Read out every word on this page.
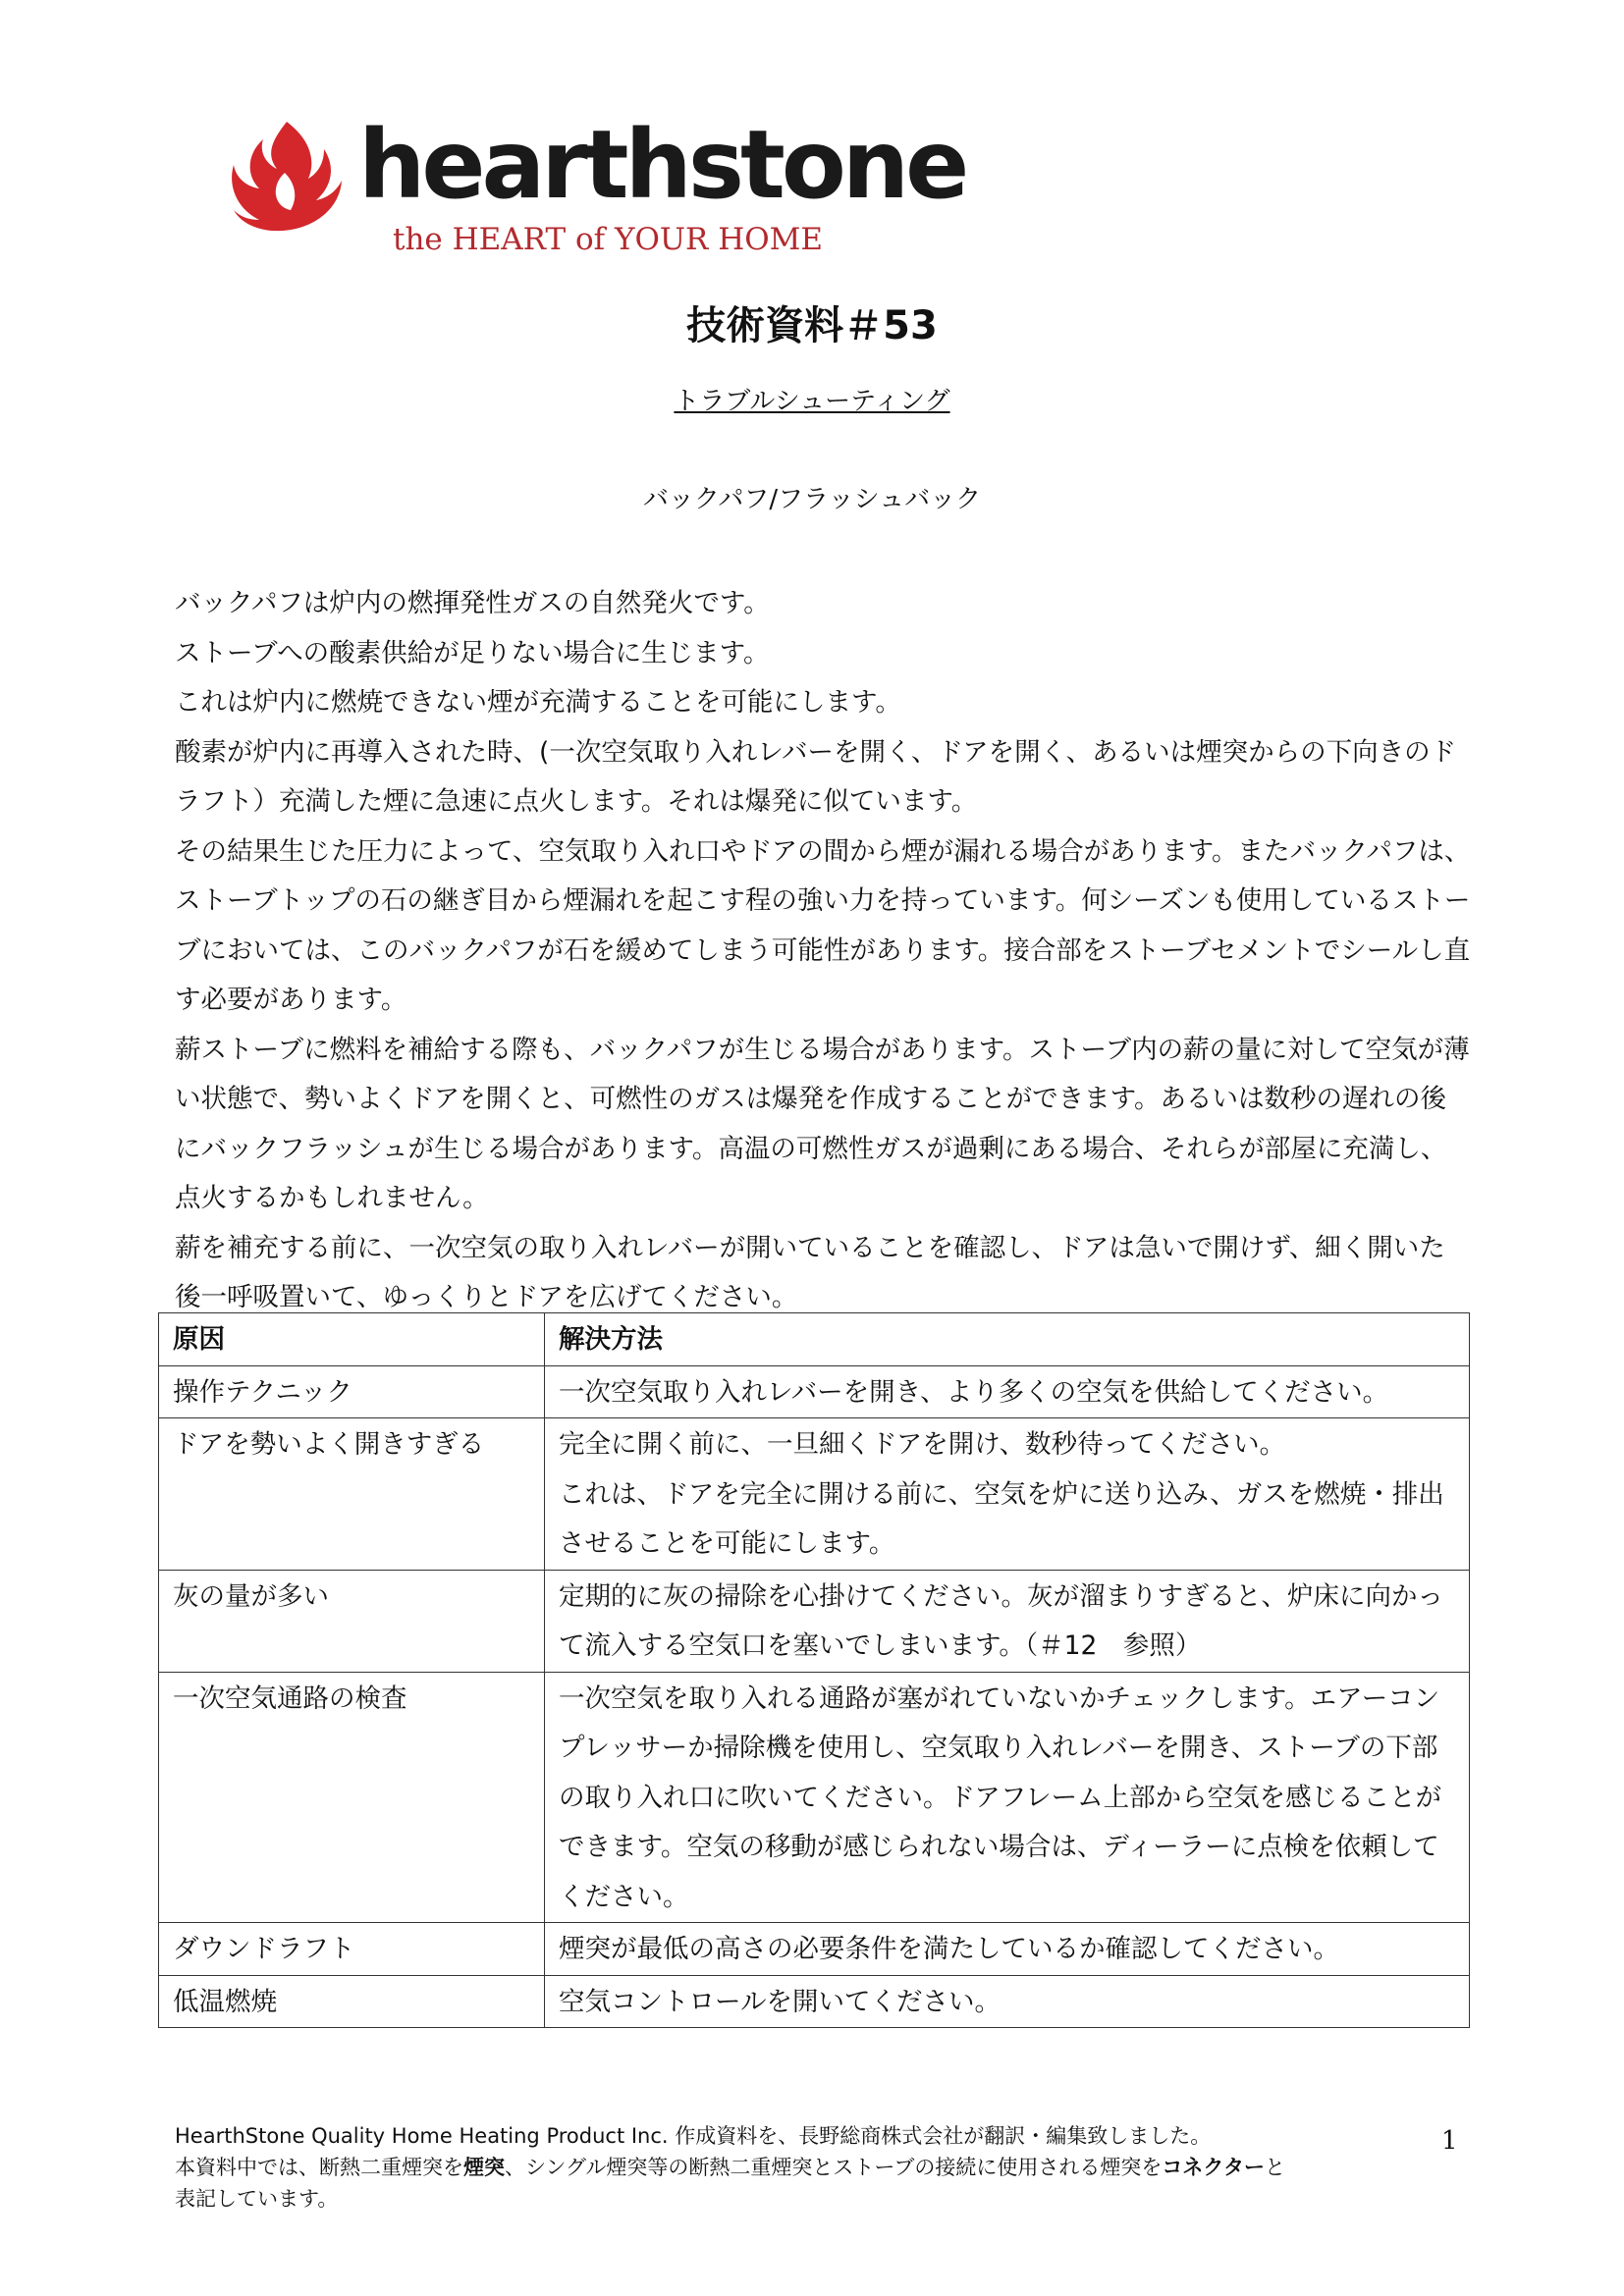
hearthstone
the HEART of YOUR HOME
技術資料＃53
トラブルシューティング
バックパフ/フラッシュバック

バックパフは炉内の燃揮発性ガスの自然発火です。

ストーブへの酸素供給が足りない場合に生じます。

これは炉内に燃焼できない煙が充満することを可能にします。

酸素が炉内に再導入された時、(一次空気取り入れレバーを開く、ドアを開く、あるいは煙突からの下向きのドラフト）充満した煙に急速に点火します。それは爆発に似ています。

その結果生じた圧力によって、空気取り入れ口やドアの間から煙が漏れる場合があります。またバックパフは、ストーブトップの石の継ぎ目から煙漏れを起こす程の強い力を持っています。何シーズンも使用しているストーブにおいては、このバックパフが石を緩めてしまう可能性があります。接合部をストーブセメントでシールし直す必要があります。

薪ストーブに燃料を補給する際も、バックパフが生じる場合があります。ストーブ内の薪の量に対して空気が薄い状態で、勢いよくドアを開くと、可燃性のガスは爆発を作成することができます。あるいは数秒の遅れの後にバックフラッシュが生じる場合があります。高温の可燃性ガスが過剰にある場合、それらが部屋に充満し、点火するかもしれません。

薪を補充する前に、一次空気の取り入れレバーが開いていることを確認し、ドアは急いで開けず、細く開いた後一呼吸置いて、ゆっくりとドアを広げてください。

原因	解決方法
操作テクニック	一次空気取り入れレバーを開き、より多くの空気を供給してください。
ドアを勢いよく開きすぎる	完全に開く前に、一旦細くドアを開け、数秒待ってください。
これは、ドアを完全に開ける前に、空気を炉に送り込み、ガスを燃焼・排出させることを可能にします。

灰の量が多い	定期的に灰の掃除を心掛けてください。灰が溜まりすぎると、炉床に向かって流入する空気口を塞いでしまいます。（＃12　参照）
一次空気通路の検査	一次空気を取り入れる通路が塞がれていないかチェックします。エアーコンプレッサーか掃除機を使用し、空気取り入れレバーを開き、ストーブの下部の取り入れ口に吹いてください。ドアフレーム上部から空気を感じることができます。空気の移動が感じられない場合は、ディーラーに点検を依頼してください。
ダウンドラフト	煙突が最低の高さの必要条件を満たしているか確認してください。
低温燃焼	空気コントロールを開いてください。
HearthStone Quality Home Heating Product Inc. 作成資料を、長野総商株式会社が翻訳・編集致しました。
本資料中では、断熱二重煙突を煙突、シングル煙突等の断熱二重煙突とストーブの接続に使用される煙突をコネクターと
表記しています。
1
